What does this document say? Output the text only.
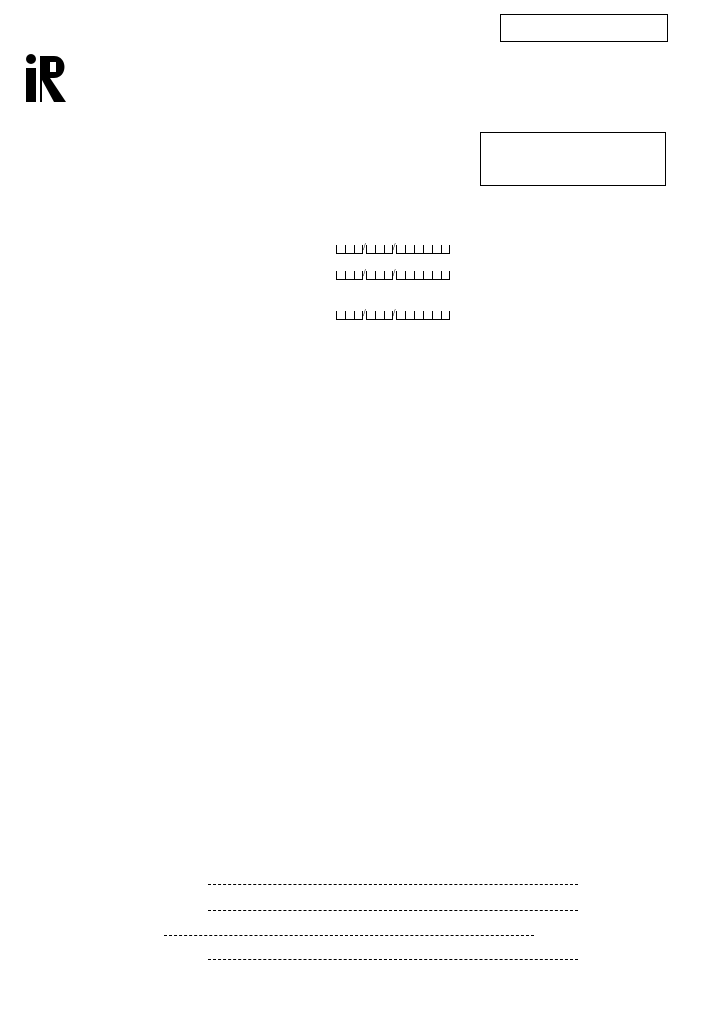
/	/
/	/
/	/
